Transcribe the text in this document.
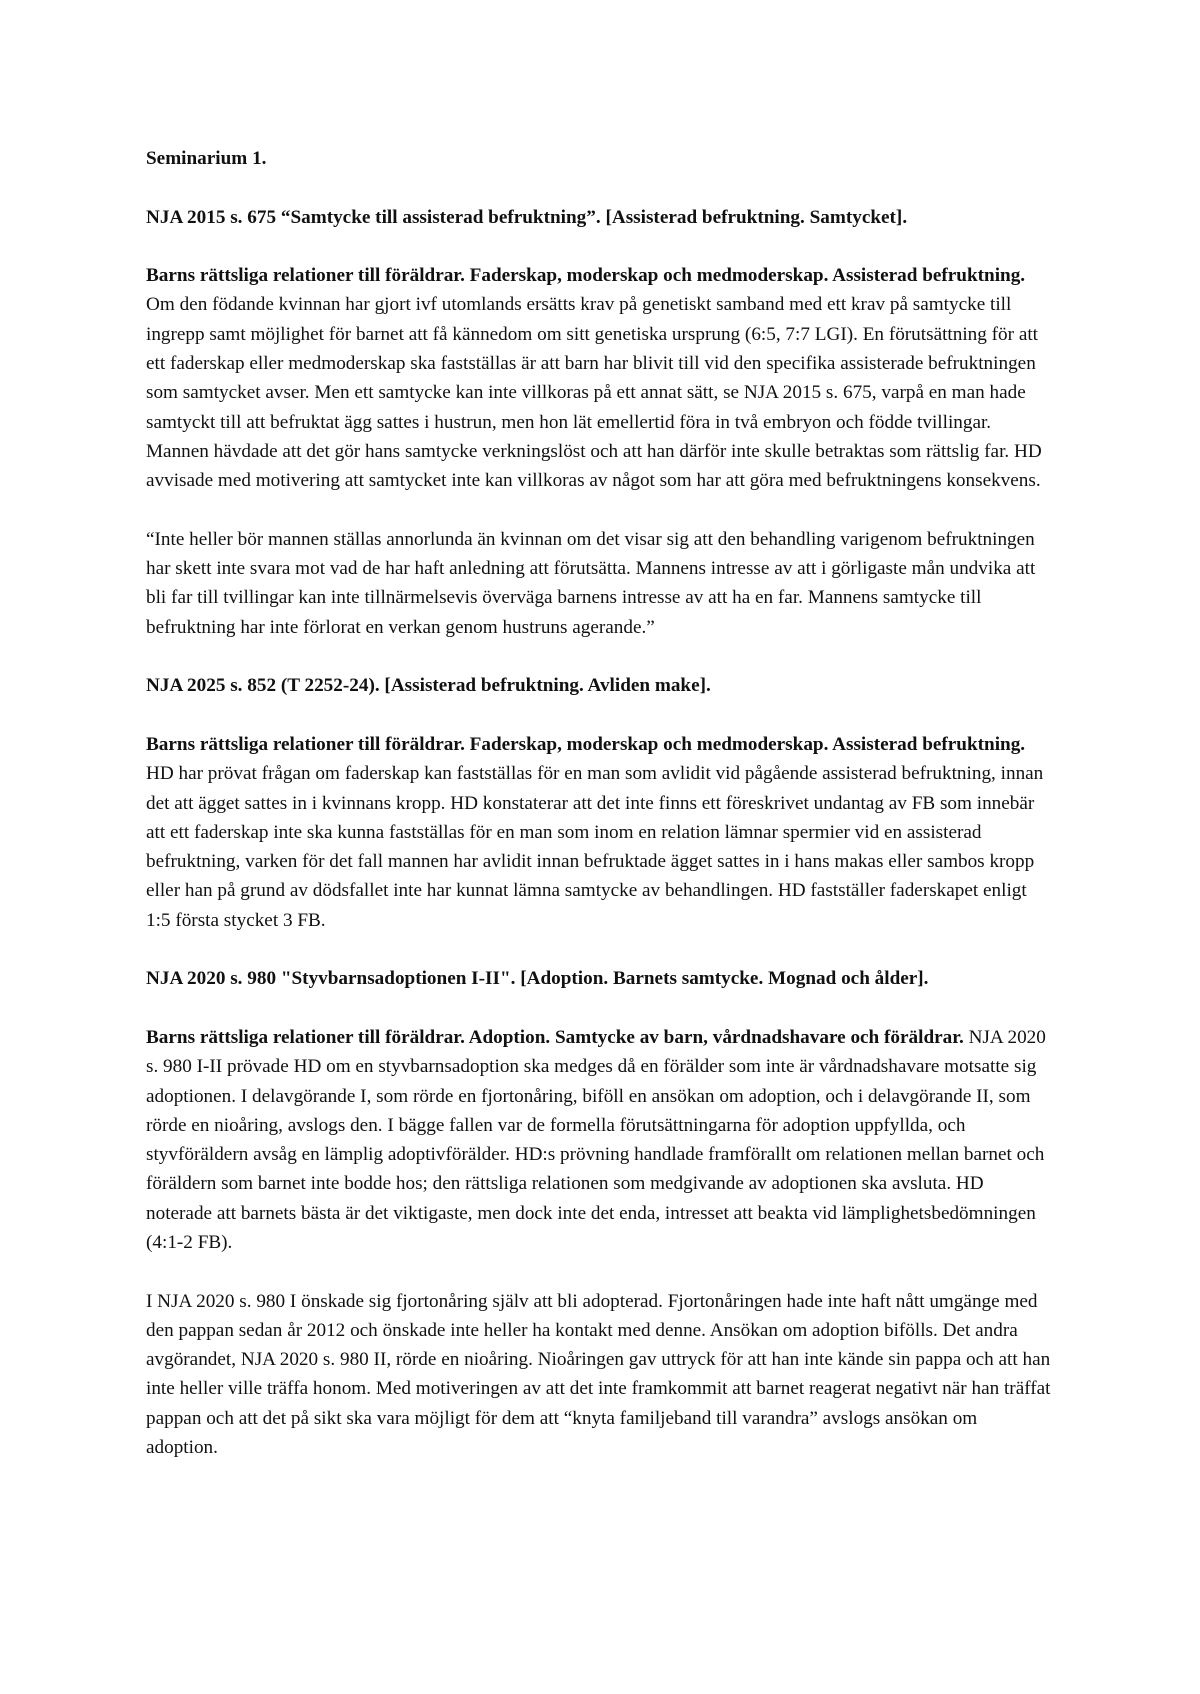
Seminarium 1.

NJA 2015 s. 675 “Samtycke till assisterad befruktning”. [Assisterad befruktning. Samtycket].

Barns rättsliga relationer till föräldrar. Faderskap, moderskap och medmoderskap. Assisterad befruktning. Om den födande kvinnan har gjort ivf utomlands ersätts krav på genetiskt samband med ett krav på samtycke till ingrepp samt möjlighet för barnet att få kännedom om sitt genetiska ursprung (6:5, 7:7 LGI). En förutsättning för att ett faderskap eller medmoderskap ska fastställas är att barn har blivit till vid den specifika assisterade befruktningen som samtycket avser. Men ett samtycke kan inte villkoras på ett annat sätt, se NJA 2015 s. 675, varpå en man hade samtyckt till att befruktat ägg sattes i hustrun, men hon lät emellertid föra in två embryon och födde tvillingar. Mannen hävdade att det gör hans samtycke verkningslöst och att han därför inte skulle betraktas som rättslig far. HD avvisade med motivering att samtycket inte kan villkoras av något som har att göra med befruktningens konsekvens.

“Inte heller bör mannen ställas annorlunda än kvinnan om det visar sig att den behandling varigenom befruktningen har skett inte svara mot vad de har haft anledning att förutsätta. Mannens intresse av att i görligaste mån undvika att bli far till tvillingar kan inte tillnärmelsevis överväga barnens intresse av att ha en far. Mannens samtycke till befruktning har inte förlorat en verkan genom hustruns agerande.”

NJA 2025 s. 852 (T 2252-24). [Assisterad befruktning. Avliden make].

Barns rättsliga relationer till föräldrar. Faderskap, moderskap och medmoderskap. Assisterad befruktning. HD har prövat frågan om faderskap kan fastställas för en man som avlidit vid pågående assisterad befruktning, innan det att ägget sattes in i kvinnans kropp. HD konstaterar att det inte finns ett föreskrivet undantag av FB som innebär att ett faderskap inte ska kunna fastställas för en man som inom en relation lämnar spermier vid en assisterad befruktning, varken för det fall mannen har avlidit innan befruktade ägget sattes in i hans makas eller sambos kropp eller han på grund av dödsfallet inte har kunnat lämna samtycke av behandlingen. HD fastställer faderskapet enligt 1:5 första stycket 3 FB.

NJA 2020 s. 980 "Styvbarnsadoptionen I-II". [Adoption. Barnets samtycke. Mognad och ålder].

Barns rättsliga relationer till föräldrar. Adoption. Samtycke av barn, vårdnadshavare och föräldrar. NJA 2020 s. 980 I-II prövade HD om en styvbarnsadoption ska medges då en förälder som inte är vårdnadshavare motsatte sig adoptionen. I delavgörande I, som rörde en fjortonåring, biföll en ansökan om adoption, och i delavgörande II, som rörde en nioåring, avslogs den. I bägge fallen var de formella förutsättningarna för adoption uppfyllda, och styvföräldern avsåg en lämplig adoptivförälder. HD:s prövning handlade framförallt om relationen mellan barnet och föräldern som barnet inte bodde hos; den rättsliga relationen som medgivande av adoptionen ska avsluta. HD noterade att barnets bästa är det viktigaste, men dock inte det enda, intresset att beakta vid lämplighetsbedömningen (4:1-2 FB).

I NJA 2020 s. 980 I önskade sig fjortonåring själv att bli adopterad. Fjortonåringen hade inte haft nått umgänge med den pappan sedan år 2012 och önskade inte heller ha kontakt med denne. Ansökan om adoption bifölls. Det andra avgörandet, NJA 2020 s. 980 II, rörde en nioåring. Nioåringen gav uttryck för att han inte kände sin pappa och att han inte heller ville träffa honom. Med motiveringen av att det inte framkommit att barnet reagerat negativt när han träffat pappan och att det på sikt ska vara möjligt för dem att “knyta familjeband till varandra” avslogs ansökan om adoption.
